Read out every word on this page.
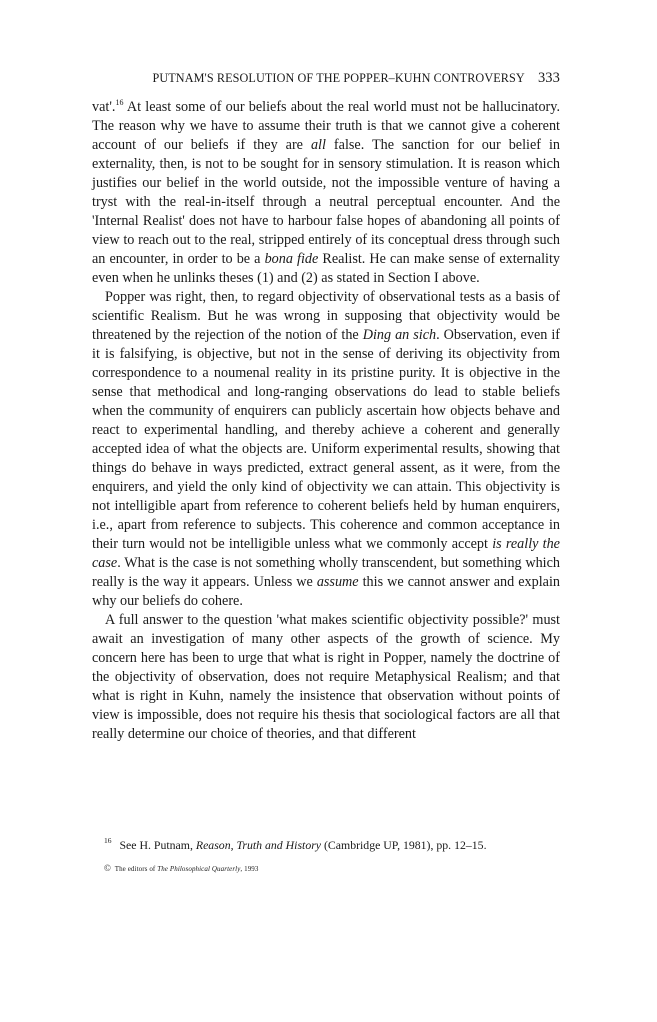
PUTNAM'S RESOLUTION OF THE POPPER–KUHN CONTROVERSY 333

vat'.$^{16}$ At least some of our beliefs about the real world must not be hallucinatory. The reason why we have to assume their truth is that we cannot give a coherent account of our beliefs if they are all false. The sanction for our belief in externality, then, is not to be sought for in sensory stimulation. It is reason which justifies our belief in the world outside, not the impossible venture of having a tryst with the real-in-itself through a neutral perceptual encounter. And the 'Internal Realist' does not have to harbour false hopes of abandoning all points of view to reach out to the real, stripped entirely of its conceptual dress through such an encounter, in order to be a bona fide Realist. He can make sense of externality even when he unlinks theses (1) and (2) as stated in Section I above.

Popper was right, then, to regard objectivity of observational tests as a basis of scientific Realism. But he was wrong in supposing that objectivity would be threatened by the rejection of the notion of the Ding an sich. Observation, even if it is falsifying, is objective, but not in the sense of deriving its objectivity from correspondence to a noumenal reality in its pristine purity. It is objective in the sense that methodical and long-ranging observations do lead to stable beliefs when the community of enquirers can publicly ascertain how objects behave and react to experimental handling, and thereby achieve a coherent and generally accepted idea of what the objects are. Uniform experimental results, showing that things do behave in ways predicted, extract general assent, as it were, from the enquirers, and yield the only kind of objectivity we can attain. This objectivity is not intelligible apart from reference to coherent beliefs held by human enquirers, i.e., apart from reference to subjects. This coherence and common acceptance in their turn would not be intelligible unless what we commonly accept is really the case. What is the case is not something wholly transcendent, but something which really is the way it appears. Unless we assume this we cannot answer and explain why our beliefs do cohere.

A full answer to the question 'what makes scientific objectivity possible?' must await an investigation of many other aspects of the growth of science. My concern here has been to urge that what is right in Popper, namely the doctrine of the objectivity of observation, does not require Metaphysical Realism; and that what is right in Kuhn, namely the insistence that observation without points of view is impossible, does not require his thesis that sociological factors are all that really determine our choice of theories, and that different

$^{16}$ See H. Putnam, Reason, Truth and History (Cambridge UP, 1981), pp. 12–15.
© The editors of The Philosophical Quarterly, 1993
